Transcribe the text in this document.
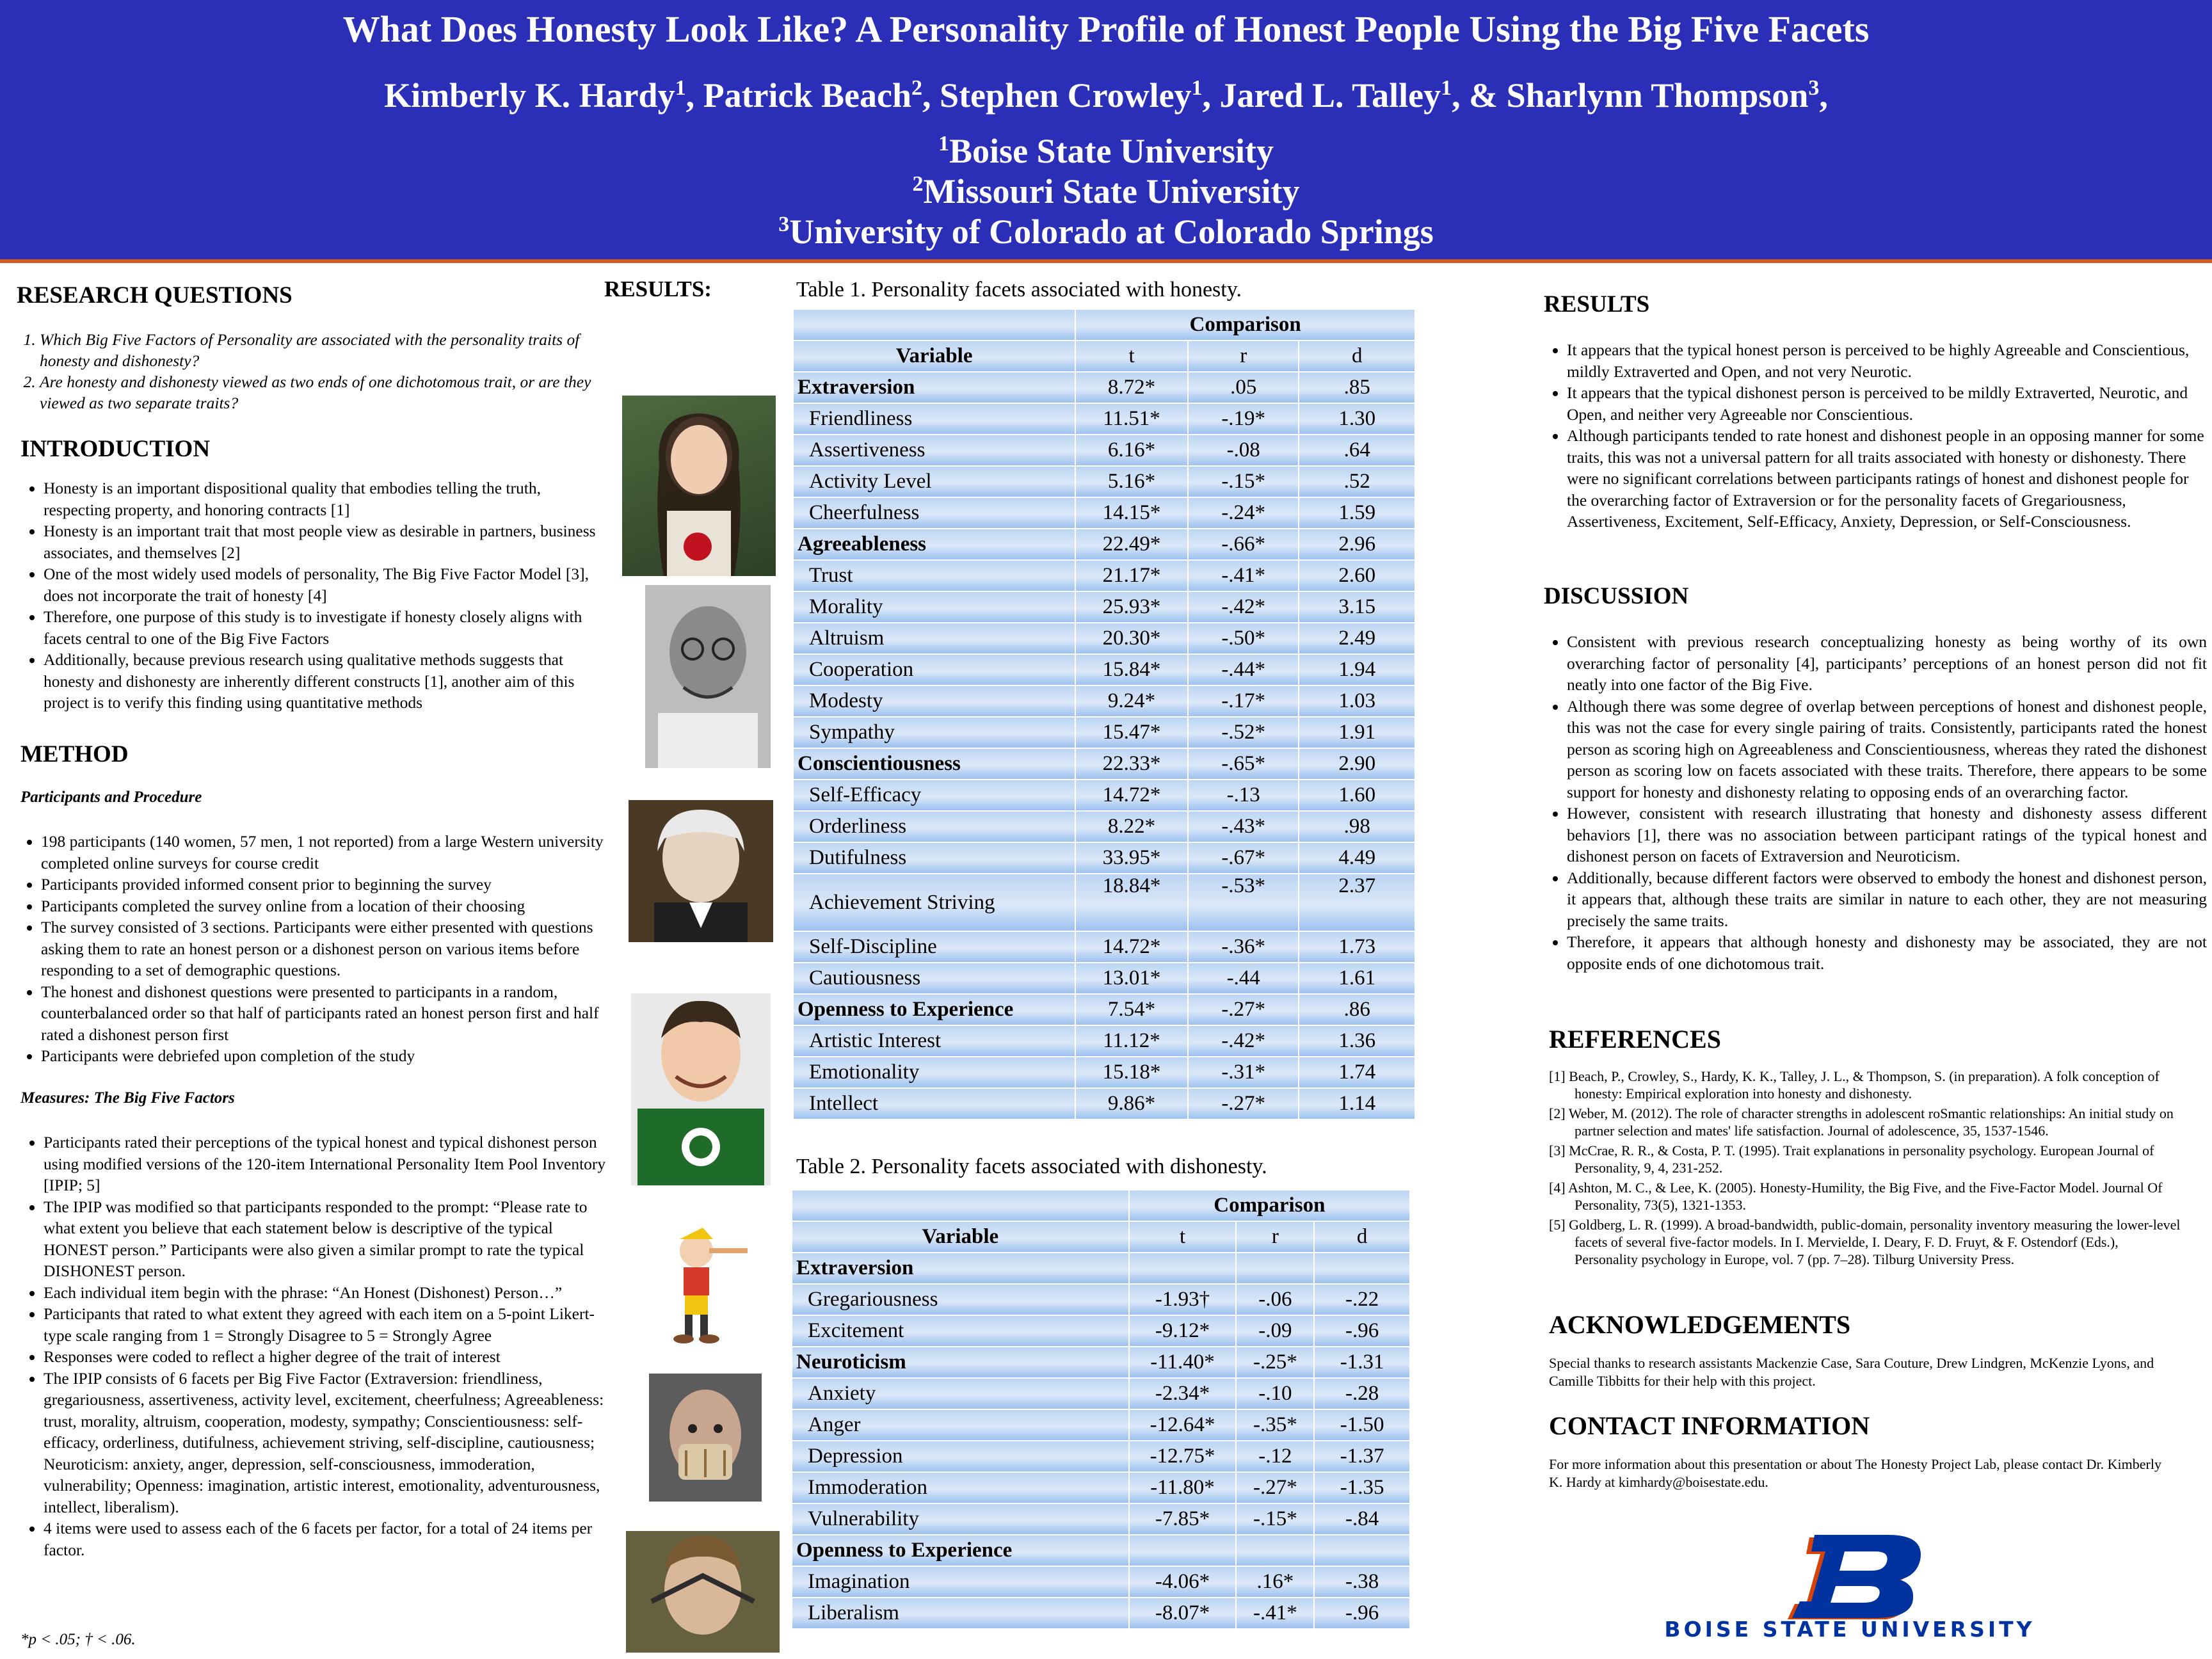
What Does Honesty Look Like? A Personality Profile of Honest People Using the Big Five Facets
Kimberly K. Hardy$^1$, Patrick Beach$^2$, Stephen Crowley$^1$, Jared L. Talley$^1$, & Sharlynn Thompson$^3$,
$^1$Boise State University
$^2$Missouri State University
$^3$University of Colorado at Colorado Springs
RESEARCH QUESTIONS
1. Which Big Five Factors of Personality are associated with the personality traits of honesty and dishonesty?
2. Are honesty and dishonesty viewed as two ends of one dichotomous trait, or are they viewed as two separate traits?
INTRODUCTION
• Honesty is an important dispositional quality that embodies telling the truth, respecting property, and honoring contracts [1]
• Honesty is an important trait that most people view as desirable in partners, business associates, and themselves [2]
• One of the most widely used models of personality, The Big Five Factor Model [3], does not incorporate the trait of honesty [4]
• Therefore, one purpose of this study is to investigate if honesty closely aligns with facets central to one of the Big Five Factors
• Additionally, because previous research using qualitative methods suggests that honesty and dishonesty are inherently different constructs [1], another aim of this project is to verify this finding using quantitative methods
METHOD
Participants and Procedure
• 198 participants (140 women, 57 men, 1 not reported) from a large Western university completed online surveys for course credit
• Participants provided informed consent prior to beginning the survey
• Participants completed the survey online from a location of their choosing
• The survey consisted of 3 sections. Participants were either presented with questions asking them to rate an honest person or a dishonest person on various items before responding to a set of demographic questions.
• The honest and dishonest questions were presented to participants in a random, counterbalanced order so that half of participants rated an honest person first and half rated a dishonest person first
• Participants were debriefed upon completion of the study
Measures: The Big Five Factors
• Participants rated their perceptions of the typical honest and typical dishonest person using modified versions of the 120-item International Personality Item Pool Inventory [IPIP; 5]
• The IPIP was modified so that participants responded to the prompt: “Please rate to what extent you believe that each statement below is descriptive of the typical HONEST person.” Participants were also given a similar prompt to rate the typical DISHONEST person.
• Each individual item begin with the phrase: “An Honest (Dishonest) Person…”
• Participants that rated to what extent they agreed with each item on a 5-point Likert-type scale ranging from 1 = Strongly Disagree to 5 = Strongly Agree
• Responses were coded to reflect a higher degree of the trait of interest
• The IPIP consists of 6 facets per Big Five Factor (Extraversion: friendliness, gregariousness, assertiveness, activity level, excitement, cheerfulness; Agreeableness: trust, morality, altruism, cooperation, modesty, sympathy; Conscientiousness: self-efficacy, orderliness, dutifulness, achievement striving, self-discipline, cautiousness; Neuroticism: anxiety, anger, depression, self-consciousness, immoderation, vulnerability; Openness: imagination, artistic interest, emotionality, adventurousness, intellect, liberalism).
• 4 items were used to assess each of the 6 facets per factor, for a total of 24 items per factor.
*p < .05; † < .06.
RESULTS:	Table 1. Personality facets associated with honesty.
	Comparison		
Variable	t	r	d
Extraversion	8.72*	.05	.85
Friendliness	11.51*	-.19*	1.30
Assertiveness	6.16*	-.08	.64
Activity Level	5.16*	-.15*	.52
Cheerfulness	14.15*	-.24*	1.59
Agreeableness	22.49*	-.66*	2.96
Trust	21.17*	-.41*	2.60
Morality	25.93*	-.42*	3.15
Altruism	20.30*	-.50*	2.49
Cooperation	15.84*	-.44*	1.94
Modesty	9.24*	-.17*	1.03
Sympathy	15.47*	-.52*	1.91
Conscientiousness	22.33*	-.65*	2.90
Self-Efficacy	14.72*	-.13	1.60
Orderliness	8.22*	-.43*	.98
Dutifulness	33.95*	-.67*	4.49
Achievement Striving	18.84*	-.53*	2.37
Self-Discipline	14.72*	-.36*	1.73
Cautiousness	13.01*	-.44	1.61
Openness to Experience	7.54*	-.27*	.86
Artistic Interest	11.12*	-.42*	1.36
Emotionality	15.18*	-.31*	1.74
Intellect	9.86*	-.27*	1.14
Table 2. Personality facets associated with dishonesty.
	Comparison		
Variable	t	r	d
Extraversion			
Gregariousness	-1.93†	-.06	-.22
Excitement	-9.12*	-.09	-.96
Neuroticism	-11.40*	-.25*	-1.31
Anxiety	-2.34*	-.10	-.28
Anger	-12.64*	-.35*	-1.50
Depression	-12.75*	-.12	-1.37
Immoderation	-11.80*	-.27*	-1.35
Vulnerability	-7.85*	-.15*	-.84
Openness to Experience			
Imagination	-4.06*	.16*	-.38
Liberalism	-8.07*	-.41*	-.96
RESULTS
• It appears that the typical honest person is perceived to be highly Agreeable and Conscientious, mildly Extraverted and Open, and not very Neurotic.
• It appears that the typical dishonest person is perceived to be mildly Extraverted, Neurotic, and Open, and neither very Agreeable nor Conscientious.
• Although participants tended to rate honest and dishonest people in an opposing manner for some traits, this was not a universal pattern for all traits associated with honesty or dishonesty. There were no significant correlations between participants ratings of honest and dishonest people for the overarching factor of Extraversion or for the personality facets of Gregariousness, Assertiveness, Excitement, Self-Efficacy, Anxiety, Depression, or Self-Consciousness.
DISCUSSION
• Consistent with previous research conceptualizing honesty as being worthy of its own overarching factor of personality [4], participants’ perceptions of an honest person did not fit neatly into one factor of the Big Five.
• Although there was some degree of overlap between perceptions of honest and dishonest people, this was not the case for every single pairing of traits. Consistently, participants rated the honest person as scoring high on Agreeableness and Conscientiousness, whereas they rated the dishonest person as scoring low on facets associated with these traits. Therefore, there appears to be some support for honesty and dishonesty relating to opposing ends of an overarching factor.
• However, consistent with research illustrating that honesty and dishonesty assess different behaviors [1], there was no association between participant ratings of the typical honest and dishonest person on facets of Extraversion and Neuroticism.
• Additionally, because different factors were observed to embody the honest and dishonest person, it appears that, although these traits are similar in nature to each other, they are not measuring precisely the same traits.
• Therefore, it appears that although honesty and dishonesty may be associated, they are not opposite ends of one dichotomous trait.
REFERENCES

[1] Beach, P., Crowley, S., Hardy, K. K., Talley, J. L., & Thompson, S. (in preparation). A folk conception of honesty: Empirical exploration into honesty and dishonesty.

[2] Weber, M. (2012). The role of character strengths in adolescent roSmantic relationships: An initial study on partner selection and mates' life satisfaction. Journal of adolescence, 35, 1537-1546.

[3] McCrae, R. R., & Costa, P. T. (1995). Trait explanations in personality psychology. European Journal of Personality, 9, 4, 231-252.

[4] Ashton, M. C., & Lee, K. (2005). Honesty-Humility, the Big Five, and the Five-Factor Model. Journal Of Personality, 73(5), 1321-1353.

[5] Goldberg, L. R. (1999). A broad-bandwidth, public-domain, personality inventory measuring the lower-level facets of several five-factor models. In I. Mervielde, I. Deary, F. D. Fruyt, & F. Ostendorf (Eds.), Personality psychology in Europe, vol. 7 (pp. 7–28). Tilburg University Press.

ACKNOWLEDGEMENTS
Special thanks to research assistants Mackenzie Case, Sara Couture, Drew Lindgren, McKenzie Lyons, and Camille Tibbitts for their help with this project.
CONTACT INFORMATION
For more information about this presentation or about The Honesty Project Lab, please contact Dr. Kimberly K. Hardy at kimhardy@boisestate.edu.
BOISE STATE UNIVERSITY
